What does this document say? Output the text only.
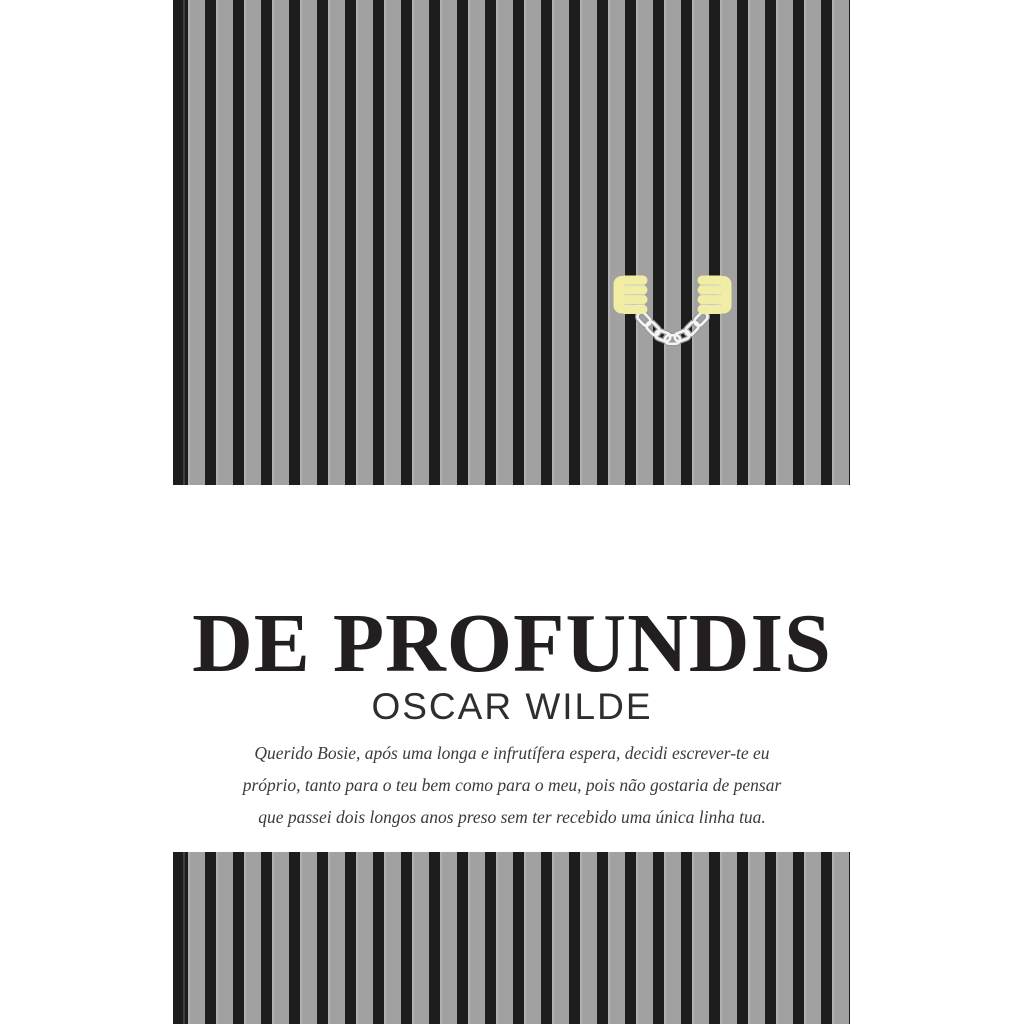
DE PROFUNDIS
OSCAR WILDE
Querido Bosie, após uma longa e infrutífera espera, decidi escrever-te eu
próprio, tanto para o teu bem como para o meu, pois não gostaria de pensar
que passei dois longos anos preso sem ter recebido uma única linha tua.
